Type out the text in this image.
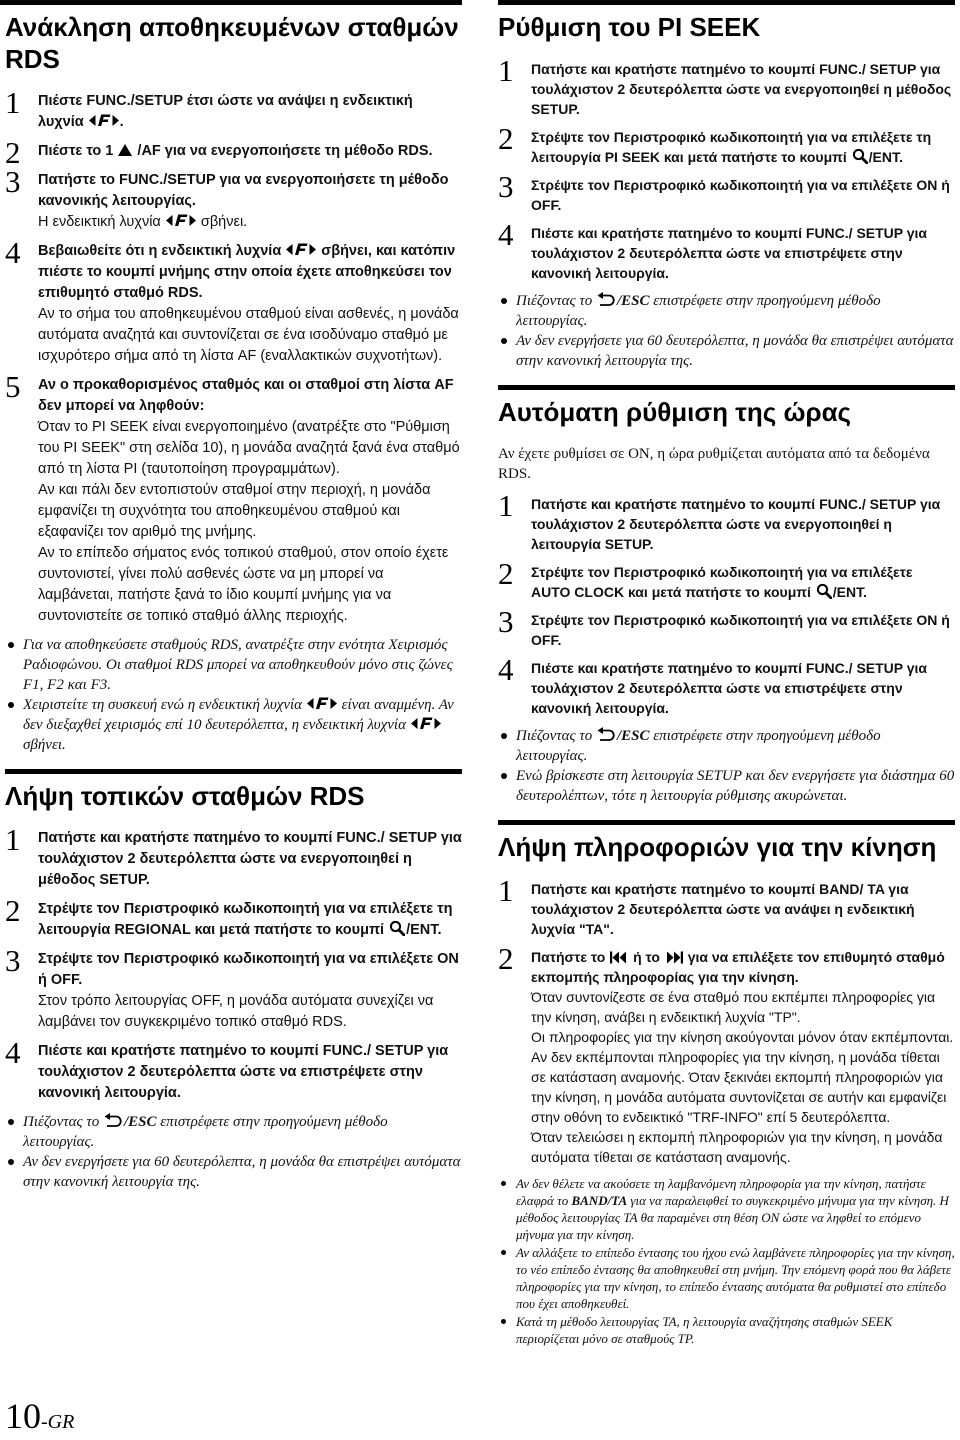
Ανάκληση αποθηκευμένων σταθμών RDS
1 Πιέστε FUNC./SETUP έτσι ώστε να ανάψει η ενδεικτική λυχνία
.
2 Πιέστε το 1
/AF για να ενεργοποιήσετε τη μέθοδο RDS.
3 Πατήστε το FUNC./SETUP για να ενεργοποιήσετε τη μέθοδο κανονικής λειτουργίας.
Η ενδεικτική λυχνία
σβήνει.
4 Βεβαιωθείτε ότι η ενδεικτική λυχνία
σβήνει, και κατόπιν πιέστε το κουμπί μνήμης στην οποία έχετε αποθηκεύσει τον επιθυμητό σταθμό RDS.
Αν το σήμα του αποθηκευμένου σταθμού είναι ασθενές, η μονάδα αυτόματα αναζητά και συντονίζεται σε ένα ισοδύναμο σταθμό με ισχυρότερο σήμα από τη λίστα AF (εναλλακτικών συχνοτήτων).
5 Αν ο προκαθορισμένος σταθμός και οι σταθμοί στη λίστα AF δεν μπορεί να ληφθούν:
Όταν το PI SEEK είναι ενεργοποιημένο (ανατρέξτε στο "Ρύθμιση του PI SEEK" στη σελίδα 10), η μονάδα αναζητά ξανά ένα σταθμό από τη λίστα PI (ταυτοποίηση προγραμμάτων).
Αν και πάλι δεν εντοπιστούν σταθμοί στην περιοχή, η μονάδα εμφανίζει τη συχνότητα του αποθηκευμένου σταθμού και εξαφανίζει τον αριθμό της μνήμης.
Αν το επίπεδο σήματος ενός τοπικού σταθμού, στον οποίο έχετε συντονιστεί, γίνει πολύ ασθενές ώστε να μη μπορεί να λαμβάνεται, πατήστε ξανά το ίδιο κουμπί μνήμης για να συντονιστείτε σε τοπικό σταθμό άλλης περιοχής.
Για να αποθηκεύσετε σταθμούς RDS, ανατρέξτε στην ενότητα Χειρισμός Ραδιοφώνου. Οι σταθμοί RDS μπορεί να αποθηκευθούν μόνο στις ζώνες F1, F2 και F3.
Χειριστείτε τη συσκευή ενώ η ενδεικτική λυχνία
είναι αναμμένη. Αν δεν διεξαχθεί χειρισμός επί 10 δευτερόλεπτα, η ενδεικτική λυχνία
σβήνει.
Λήψη τοπικών σταθμών RDS
1 Πατήστε και κρατήστε πατημένο το κουμπί FUNC./ SETUP για τουλάχιστον 2 δευτερόλεπτα ώστε να ενεργοποιηθεί η μέθοδος SETUP.
2 Στρέψτε τον Περιστροφικό κωδικοποιητή για να επιλέξετε τη λειτουργία REGIONAL και μετά πατήστε το κουμπί
/ENT.
3 Στρέψτε τον Περιστροφικό κωδικοποιητή για να επιλέξετε ON ή OFF.
Στον τρόπο λειτουργίας OFF, η μονάδα αυτόματα συνεχίζει να λαμβάνει τον συγκεκριμένο τοπικό σταθμό RDS.
4 Πιέστε και κρατήστε πατημένο το κουμπί FUNC./ SETUP για τουλάχιστον 2 δευτερόλεπτα ώστε να επιστρέψετε στην κανονική λειτουργία.
Πιέζοντας το
/ESC επιστρέφετε στην προηγούμενη μέθοδο λειτουργίας.
Αν δεν ενεργήσετε για 60 δευτερόλεπτα, η μονάδα θα επιστρέψει αυτόματα στην κανονική λειτουργία της.
Ρύθμιση του PI SEEK
1 Πατήστε και κρατήστε πατημένο το κουμπί FUNC./ SETUP για τουλάχιστον 2 δευτερόλεπτα ώστε να ενεργοποιηθεί η μέθοδος SETUP.
2 Στρέψτε τον Περιστροφικό κωδικοποιητή για να επιλέξετε τη λειτουργία PI SEEK και μετά πατήστε το κουμπί
/ENT.
3 Στρέψτε τον Περιστροφικό κωδικοποιητή για να επιλέξετε ON ή OFF.
4 Πιέστε και κρατήστε πατημένο το κουμπί FUNC./ SETUP για τουλάχιστον 2 δευτερόλεπτα ώστε να επιστρέψετε στην κανονική λειτουργία.
Πιέζοντας το
/ESC επιστρέφετε στην προηγούμενη μέθοδο λειτουργίας.
Αν δεν ενεργήσετε για 60 δευτερόλεπτα, η μονάδα θα επιστρέψει αυτόματα στην κανονική λειτουργία της.
Αυτόματη ρύθμιση της ώρας

Αν έχετε ρυθμίσει σε ON, η ώρα ρυθμίζεται αυτόματα από τα δεδομένα RDS.

1 Πατήστε και κρατήστε πατημένο το κουμπί FUNC./ SETUP για τουλάχιστον 2 δευτερόλεπτα ώστε να ενεργοποιηθεί η λειτουργία SETUP.
2 Στρέψτε τον Περιστροφικό κωδικοποιητή για να επιλέξετε AUTO CLOCK και μετά πατήστε το κουμπί
/ENT.
3 Στρέψτε τον Περιστροφικό κωδικοποιητή για να επιλέξετε ON ή OFF.
4 Πιέστε και κρατήστε πατημένο το κουμπί FUNC./ SETUP για τουλάχιστον 2 δευτερόλεπτα ώστε να επιστρέψετε στην κανονική λειτουργία.
Πιέζοντας το
/ESC επιστρέφετε στην προηγούμενη μέθοδο λειτουργίας.
Ενώ βρίσκεστε στη λειτουργία SETUP και δεν ενεργήσετε για διάστημα 60 δευτερολέπτων, τότε η λειτουργία ρύθμισης ακυρώνεται.
Λήψη πληροφοριών για την κίνηση
1 Πατήστε και κρατήστε πατημένο το κουμπί BAND/ TA για τουλάχιστον 2 δευτερόλεπτα ώστε να ανάψει η ενδεικτική λυχνία "TA".
2 Πατήστε το
ή το
για να επιλέξετε τον επιθυμητό σταθμό εκπομπής πληροφορίας για την κίνηση.
Όταν συντονίζεστε σε ένα σταθμό που εκπέμπει πληροφορίες για την κίνηση, ανάβει η ενδεικτική λυχνία "TP".
Οι πληροφορίες για την κίνηση ακούγονται μόνον όταν εκπέμπονται. Αν δεν εκπέμπονται πληροφορίες για την κίνηση, η μονάδα τίθεται σε κατάσταση αναμονής. Όταν ξεκινάει εκπομπή πληροφοριών για την κίνηση, η μονάδα αυτόματα συντονίζεται σε αυτήν και εμφανίζει στην οθόνη το ενδεικτικό "TRF-INFO" επί 5 δευτερόλεπτα.
Όταν τελειώσει η εκπομπή πληροφοριών για την κίνηση, η μονάδα αυτόματα τίθεται σε κατάσταση αναμονής.
Αν δεν θέλετε να ακούσετε τη λαμβανόμενη πληροφορία για την κίνηση, πατήστε ελαφρά το BAND/TA για να παραλειφθεί το συγκεκριμένο μήνυμα για την κίνηση. Η μέθοδος λειτουργίας TA θα παραμένει στη θέση ON ώστε να ληφθεί το επόμενο μήνυμα για την κίνηση.
Αν αλλάξετε το επίπεδο έντασης του ήχου ενώ λαμβάνετε πληροφορίες για την κίνηση, το νέο επίπεδο έντασης θα αποθηκευθεί στη μνήμη. Την επόμενη φορά που θα λάβετε πληροφορίες για την κίνηση, το επίπεδο έντασης αυτόματα θα ρυθμιστεί στο επίπεδο που έχει αποθηκευθεί.
Κατά τη μέθοδο λειτουργίας TA, η λειτουργία αναζήτησης σταθμών SEEK περιορίζεται μόνο σε σταθμούς TP.
10-GR
